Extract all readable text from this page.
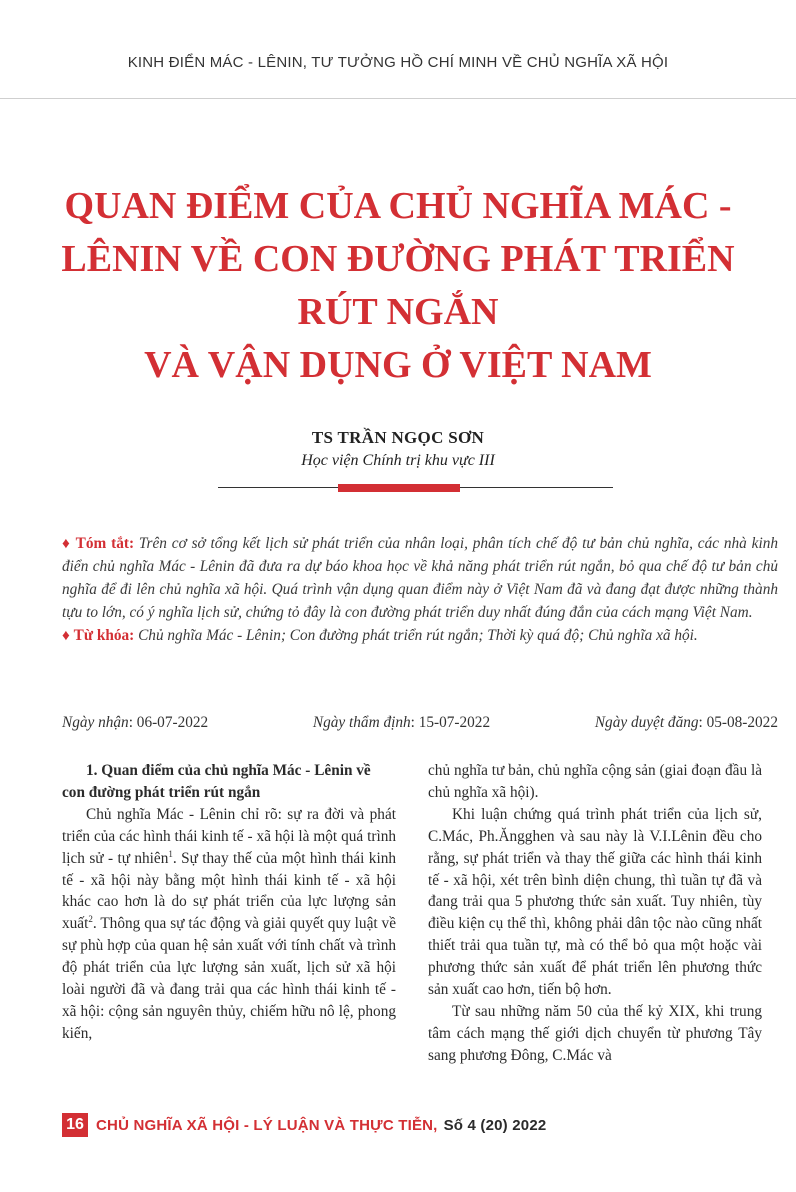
KINH ĐIỂN MÁC - LÊNIN, TƯ TƯỞNG HỒ CHÍ MINH VỀ CHỦ NGHĨA XÃ HỘI
QUAN ĐIỂM CỦA CHỦ NGHĨA MÁC -
LÊNIN VỀ CON ĐƯỜNG PHÁT TRIỂN
RÚT NGẮN
VÀ VẬN DỤNG Ở VIỆT NAM
TS TRẦN NGỌC SƠN
Học viện Chính trị khu vực III

♦ Tóm tắt: Trên cơ sở tổng kết lịch sử phát triển của nhân loại, phân tích chế độ tư bản chủ nghĩa, các nhà kinh điển chủ nghĩa Mác - Lênin đã đưa ra dự báo khoa học về khả năng phát triển rút ngắn, bỏ qua chế độ tư bản chủ nghĩa để đi lên chủ nghĩa xã hội. Quá trình vận dụng quan điểm này ở Việt Nam đã và đang đạt được những thành tựu to lớn, có ý nghĩa lịch sử, chứng tỏ đây là con đường phát triển duy nhất đúng đắn của cách mạng Việt Nam.

♦ Từ khóa: Chủ nghĩa Mác - Lênin; Con đường phát triển rút ngắn; Thời kỳ quá độ; Chủ nghĩa xã hội.

Ngày nhận: 06-07-2022	Ngày thẩm định: 15-07-2022	Ngày duyệt đăng: 05-08-2022

1. Quan điểm của chủ nghĩa Mác - Lênin về con đường phát triển rút ngắn

Chủ nghĩa Mác - Lênin chỉ rõ: sự ra đời và phát triển của các hình thái kinh tế - xã hội là một quá trình lịch sử - tự nhiên$^1$. Sự thay thế của một hình thái kinh tế - xã hội này bằng một hình thái kinh tế - xã hội khác cao hơn là do sự phát triển của lực lượng sản xuất$^2$. Thông qua sự tác động và giải quyết quy luật về sự phù hợp của quan hệ sản xuất với tính chất và trình độ phát triển của lực lượng sản xuất, lịch sử xã hội loài người đã và đang trải qua các hình thái kinh tế - xã hội: cộng sản nguyên thủy, chiếm hữu nô lệ, phong kiến,

chủ nghĩa tư bản, chủ nghĩa cộng sản (giai đoạn đầu là chủ nghĩa xã hội).

Khi luận chứng quá trình phát triển của lịch sử, C.Mác, Ph.Ăngghen và sau này là V.I.Lênin đều cho rằng, sự phát triển và thay thế giữa các hình thái kinh tế - xã hội, xét trên bình diện chung, thì tuần tự đã và đang trải qua 5 phương thức sản xuất. Tuy nhiên, tùy điều kiện cụ thể thì, không phải dân tộc nào cũng nhất thiết trải qua tuần tự, mà có thể bỏ qua một hoặc vài phương thức sản xuất để phát triển lên phương thức sản xuất cao hơn, tiến bộ hơn.

Từ sau những năm 50 của thế kỷ XIX, khi trung tâm cách mạng thế giới dịch chuyển từ phương Tây sang phương Đông, C.Mác và

16 CHỦ NGHĨA XÃ HỘI - LÝ LUẬN VÀ THỰC TIỄN, Số 4 (20) 2022
